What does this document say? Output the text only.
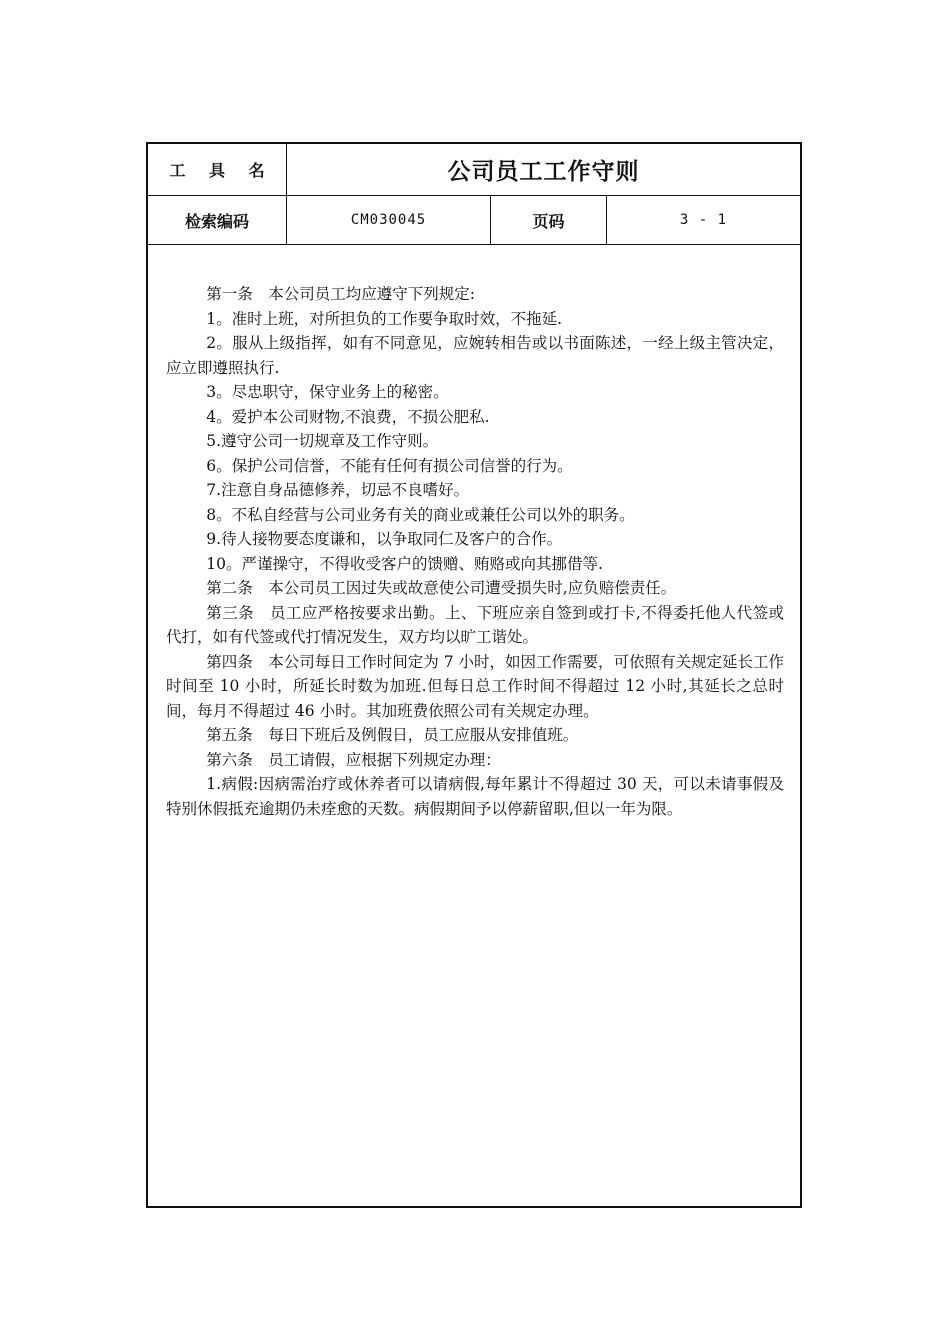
工 具 名	公司员工工作守则
检索编码	CM030045	页码	3 - 1

第一条　本公司员工均应遵守下列规定:

1。准时上班，对所担负的工作要争取时效，不拖延.

2。服从上级指挥，如有不同意见，应婉转相告或以书面陈述，一经上级主管决定，应立即遵照执行.

3。尽忠职守，保守业务上的秘密。

4。爱护本公司财物,不浪费，不损公肥私.

5.遵守公司一切规章及工作守则。

6。保护公司信誉，不能有任何有损公司信誉的行为。

7.注意自身品德修养，切忌不良嗜好。

8。不私自经营与公司业务有关的商业或兼任公司以外的职务。

9.待人接物要态度谦和，以争取同仁及客户的合作。

10。严谨操守，不得收受客户的馈赠、贿赂或向其挪借等.

第二条　本公司员工因过失或故意使公司遭受损失时,应负赔偿责任。

第三条　员工应严格按要求出勤。上、下班应亲自签到或打卡,不得委托他人代签或代打，如有代签或代打情况发生，双方均以旷工谐处。

第四条　本公司每日工作时间定为 7 小时，如因工作需要，可依照有关规定延长工作时间至 10 小时，所延长时数为加班.但每日总工作时间不得超过 12 小时,其延长之总时间，每月不得超过 46 小时。其加班费依照公司有关规定办理。

第五条　每日下班后及例假日，员工应服从安排值班。

第六条　员工请假，应根据下列规定办理：

1.病假:因病需治疗或休养者可以请病假,每年累计不得超过 30 天，可以未请事假及特别休假抵充逾期仍未痊愈的天数。病假期间予以停薪留职,但以一年为限。
